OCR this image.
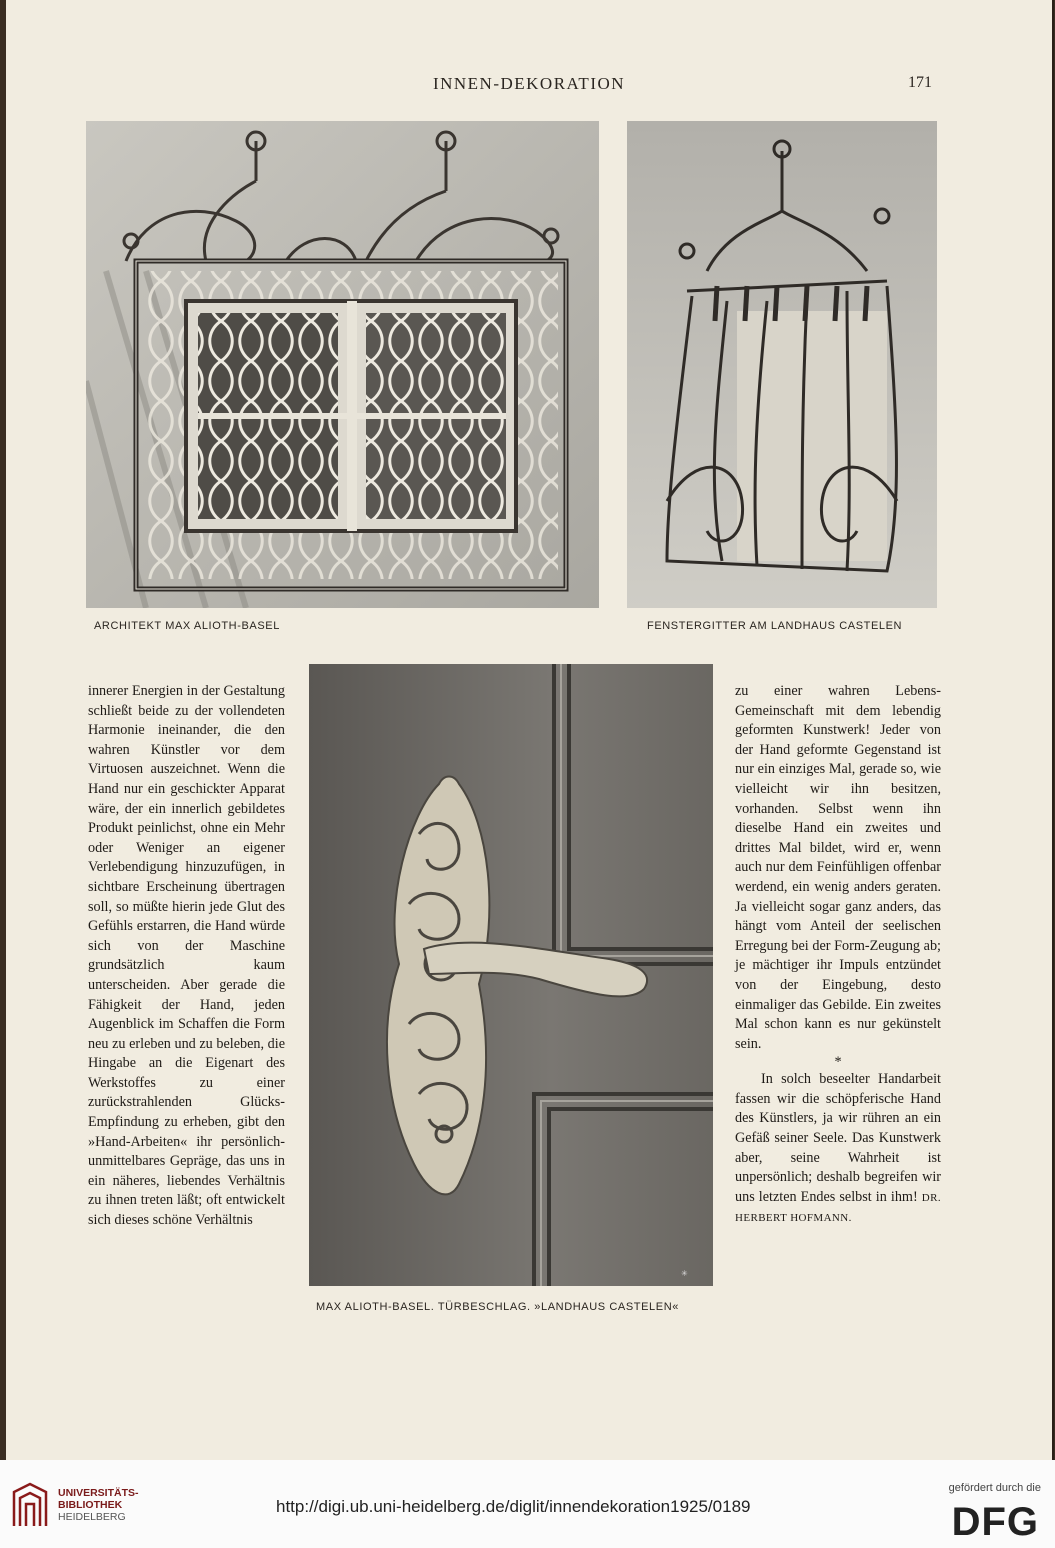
INNEN-DEKORATION	171
ARCHITEKT MAX ALIOTH-BASEL	FENSTERGITTER AM LANDHAUS CASTELEN

innerer Energien in der Gestaltung schließt beide zu der vollendeten Harmonie ineinander, die den wahren Künstler vor dem Virtuosen auszeichnet. Wenn die Hand nur ein geschickter Apparat wäre, der ein innerlich gebildetes Produkt peinlichst, ohne ein Mehr oder Weniger an eigener Verlebendigung hinzuzufügen, in sichtbare Erscheinung übertragen soll, so müßte hierin jede Glut des Gefühls erstarren, die Hand würde sich von der Maschine grundsätzlich kaum unterscheiden. Aber gerade die Fähigkeit der Hand, jeden Augenblick im Schaffen die Form neu zu erleben und zu beleben, die Hingabe an die Eigenart des Werkstoffes zu einer zurückstrahlenden Glücks-Empfindung zu erheben, gibt den »Hand-Arbeiten« ihr persönlich-unmittelbares Gepräge, das uns in ein näheres, liebendes Verhältnis zu ihnen treten läßt; oft entwickelt sich dieses schöne Verhältnis

✳
MAX ALIOTH-BASEL. TÜRBESCHLAG. »LANDHAUS CASTELEN«

zu einer wahren Lebens-Gemeinschaft mit dem lebendig geformten Kunstwerk! Jeder von der Hand geformte Gegenstand ist nur ein einziges Mal, gerade so, wie vielleicht wir ihn besitzen, vorhanden. Selbst wenn ihn dieselbe Hand ein zweites und drittes Mal bildet, wird er, wenn auch nur dem Feinfühligen offenbar werdend, ein wenig anders geraten. Ja vielleicht sogar ganz anders, das hängt vom Anteil der seelischen Erregung bei der Form-Zeugung ab; je mächtiger ihr Impuls entzündet von der Eingebung, desto einmaliger das Gebilde. Ein zweites Mal schon kann es nur gekünstelt sein.

*

In solch beseelter Handarbeit fassen wir die schöpferische Hand des Künstlers, ja wir rühren an ein Gefäß seiner Seele. Das Kunstwerk aber, seine Wahrheit ist unpersönlich; deshalb begreifen wir uns letzten Endes selbst in ihm! DR. HERBERT HOFMANN.

UNIVERSITÄTS-
BIBLIOTHEK
HEIDELBERG
http://digi.ub.uni-heidelberg.de/diglit/innendekoration1925/0189
gefördert durch die
DFG
